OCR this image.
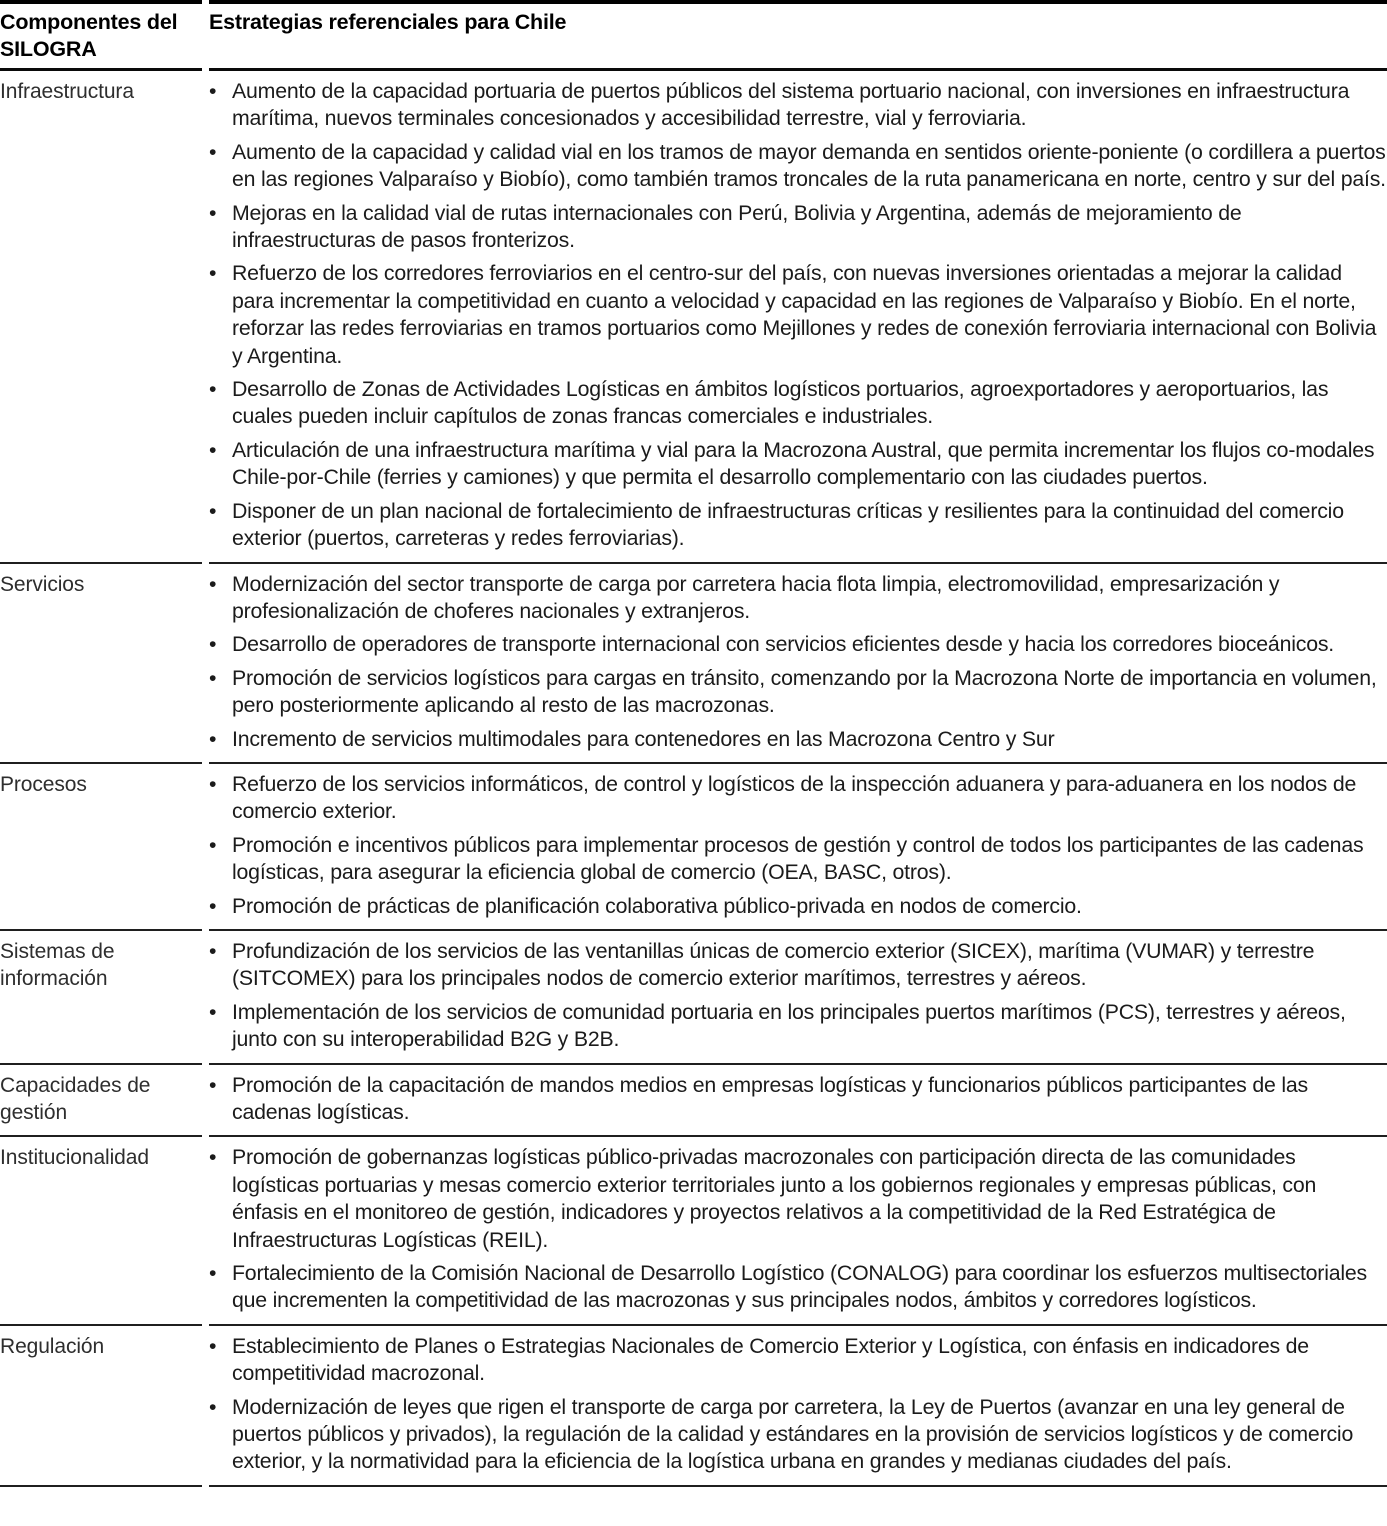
Componentes del SILOGRA
Estrategias referenciales para Chile
Infraestructura	• Aumento de la capacidad portuaria de puertos públicos del sistema portuario nacional, con inversiones en infraestructura marítima, nuevos terminales concesionados y accesibilidad terrestre, vial y ferroviaria.
• Aumento de la capacidad y calidad vial en los tramos de mayor demanda en sentidos oriente-poniente (o cordillera a puertos en las regiones Valparaíso y Biobío), como también tramos troncales de la ruta panamericana en norte, centro y sur del país.
• Mejoras en la calidad vial de rutas internacionales con Perú, Bolivia y Argentina, además de mejoramiento de infraestructuras de pasos fronterizos.
• Refuerzo de los corredores ferroviarios en el centro-sur del país, con nuevas inversiones orientadas a mejorar la calidad para incrementar la competitividad en cuanto a velocidad y capacidad en las regiones de Valparaíso y Biobío. En el norte, reforzar las redes ferroviarias en tramos portuarios como Mejillones y redes de conexión ferroviaria internacional con Bolivia y Argentina.
• Desarrollo de Zonas de Actividades Logísticas en ámbitos logísticos portuarios, agroexportadores y aeroportuarios, las cuales pueden incluir capítulos de zonas francas comerciales e industriales.
• Articulación de una infraestructura marítima y vial para la Macrozona Austral, que permita incrementar los flujos co-modales Chile-por-Chile (ferries y camiones) y que permita el desarrollo complementario con las ciudades puertos.
• Disponer de un plan nacional de fortalecimiento de infraestructuras críticas y resilientes para la continuidad del comercio exterior (puertos, carreteras y redes ferroviarias).
Servicios	• Modernización del sector transporte de carga por carretera hacia flota limpia, electromovilidad, empresarización y profesionalización de choferes nacionales y extranjeros.
• Desarrollo de operadores de transporte internacional con servicios eficientes desde y hacia los corredores bioceánicos.
• Promoción de servicios logísticos para cargas en tránsito, comenzando por la Macrozona Norte de importancia en volumen, pero posteriormente aplicando al resto de las macrozonas.
• Incremento de servicios multimodales para contenedores en las Macrozona Centro y Sur
Procesos	• Refuerzo de los servicios informáticos, de control y logísticos de la inspección aduanera y para-aduanera en los nodos de comercio exterior.
• Promoción e incentivos públicos para implementar procesos de gestión y control de todos los participantes de las cadenas logísticas, para asegurar la eficiencia global de comercio (OEA, BASC, otros).
• Promoción de prácticas de planificación colaborativa público-privada en nodos de comercio.
Sistemas de información
• Profundización de los servicios de las ventanillas únicas de comercio exterior (SICEX), marítima (VUMAR) y terrestre (SITCOMEX) para los principales nodos de comercio exterior marítimos, terrestres y aéreos.
• Implementación de los servicios de comunidad portuaria en los principales puertos marítimos (PCS), terrestres y aéreos, junto con su interoperabilidad B2G y B2B.
Capacidades de gestión
• Promoción de la capacitación de mandos medios en empresas logísticas y funcionarios públicos participantes de las cadenas logísticas.
Institucionalidad	• Promoción de gobernanzas logísticas público-privadas macrozonales con participación directa de las comunidades logísticas portuarias y mesas comercio exterior territoriales junto a los gobiernos regionales y empresas públicas, con énfasis en el monitoreo de gestión, indicadores y proyectos relativos a la competitividad de la Red Estratégica de Infraestructuras Logísticas (REIL).
• Fortalecimiento de la Comisión Nacional de Desarrollo Logístico (CONALOG) para coordinar los esfuerzos multisectoriales que incrementen la competitividad de las macrozonas y sus principales nodos, ámbitos y corredores logísticos.
Regulación	• Establecimiento de Planes o Estrategias Nacionales de Comercio Exterior y Logística, con énfasis en indicadores de competitividad macrozonal.
• Modernización de leyes que rigen el transporte de carga por carretera, la Ley de Puertos (avanzar en una ley general de puertos públicos y privados), la regulación de la calidad y estándares en la provisión de servicios logísticos y de comercio exterior, y la normatividad para la eficiencia de la logística urbana en grandes y medianas ciudades del país.
